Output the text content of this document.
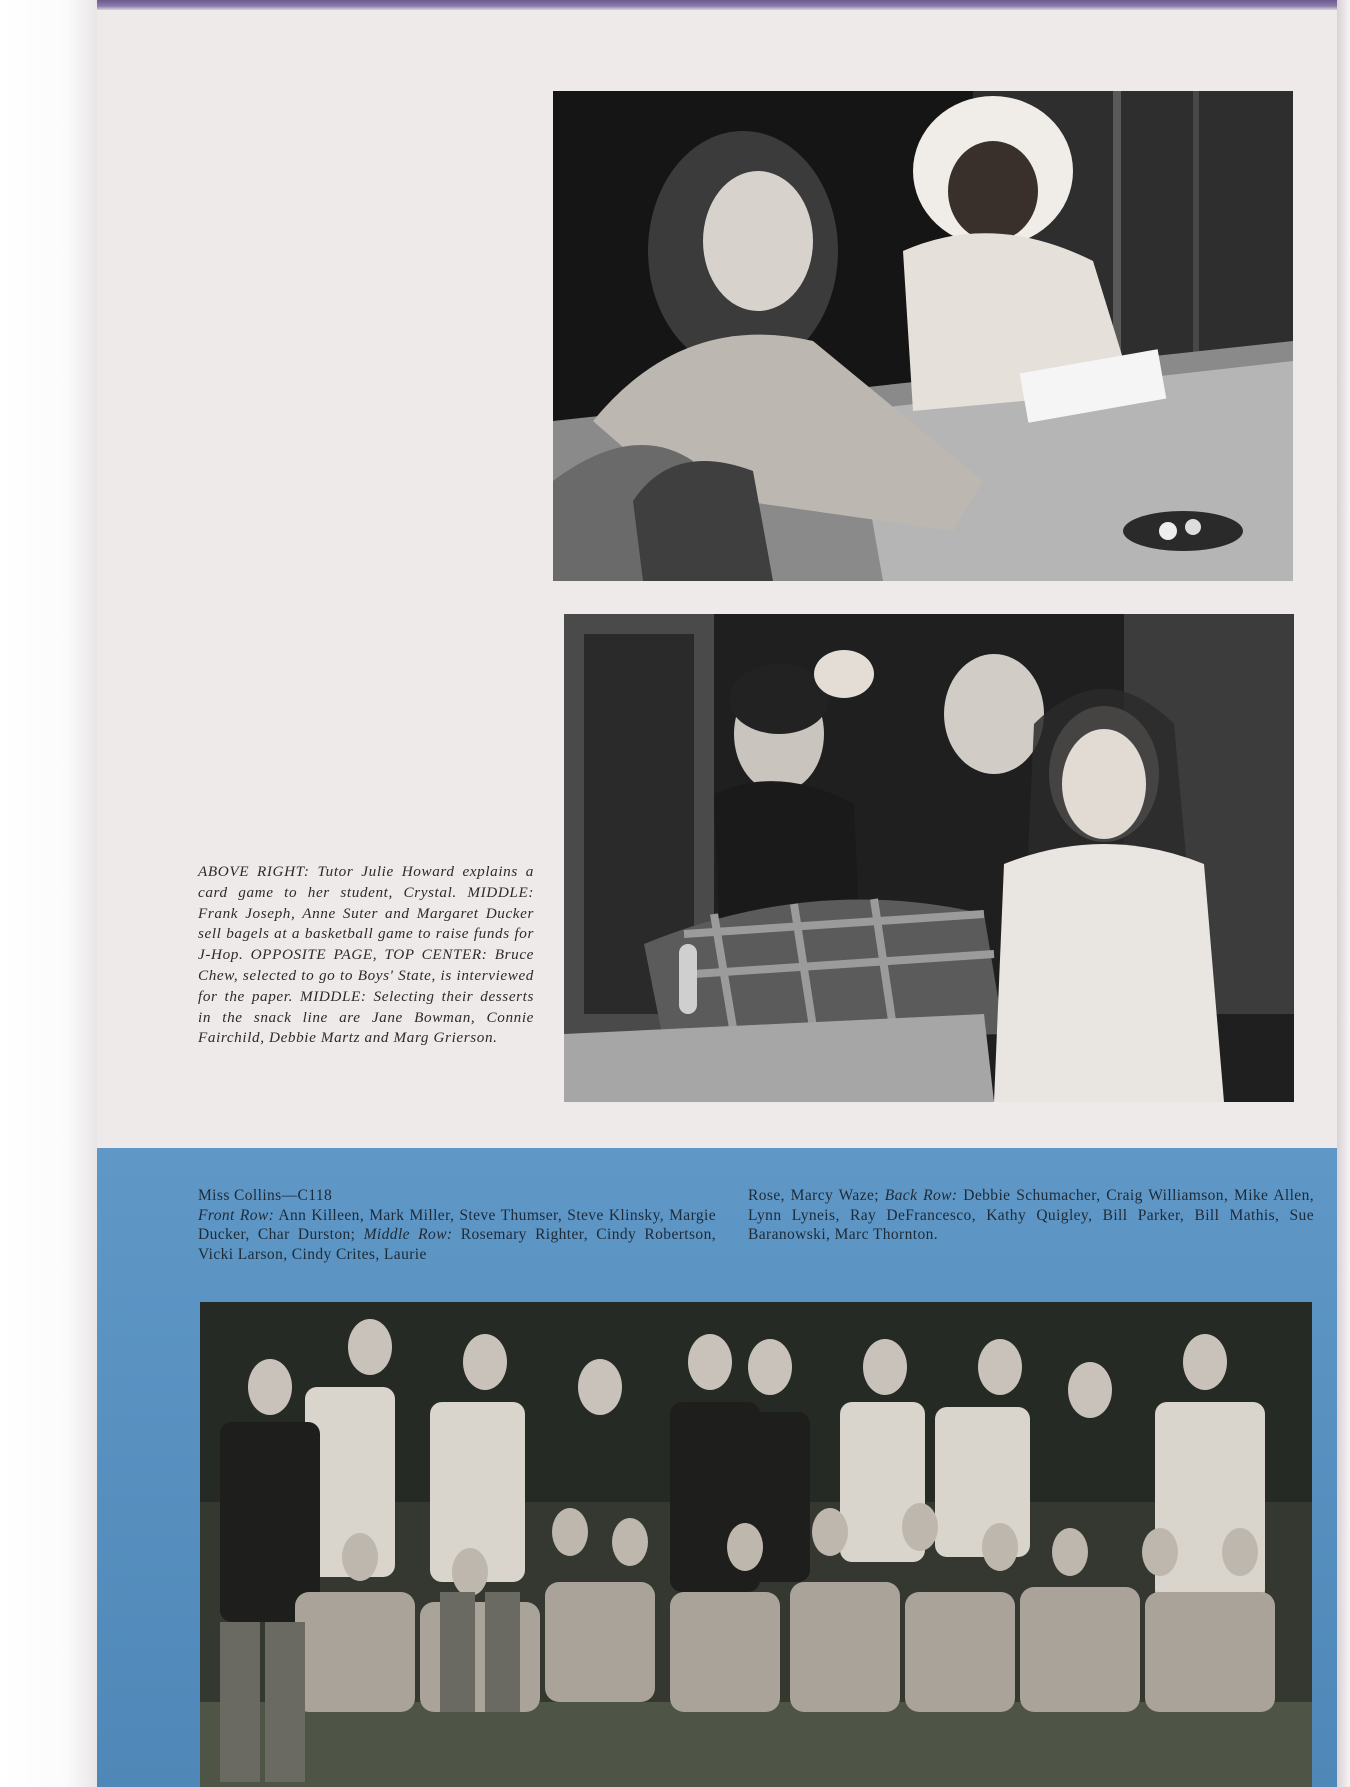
ABOVE RIGHT: Tutor Julie Howard explains a card game to her student, Crystal. MIDDLE: Frank Joseph, Anne Suter and Margaret Ducker sell bagels at a basketball game to raise funds for J-Hop. OPPOSITE PAGE, TOP CENTER: Bruce Chew, selected to go to Boys' State, is interviewed for the paper. MIDDLE: Selecting their desserts in the snack line are Jane Bowman, Connie Fairchild, Debbie Martz and Marg Grierson.
Miss Collins—C118
Front Row: Ann Killeen, Mark Miller, Steve Thumser, Steve Klinsky, Margie Ducker, Char Durston; Middle Row: Rosemary Righter, Cindy Robertson, Vicki Larson, Cindy Crites, Laurie
Rose, Marcy Waze; Back Row: Debbie Schumacher, Craig Williamson, Mike Allen, Lynn Lyneis, Ray DeFrancesco, Kathy Quigley, Bill Parker, Bill Mathis, Sue Baranowski, Marc Thornton.
